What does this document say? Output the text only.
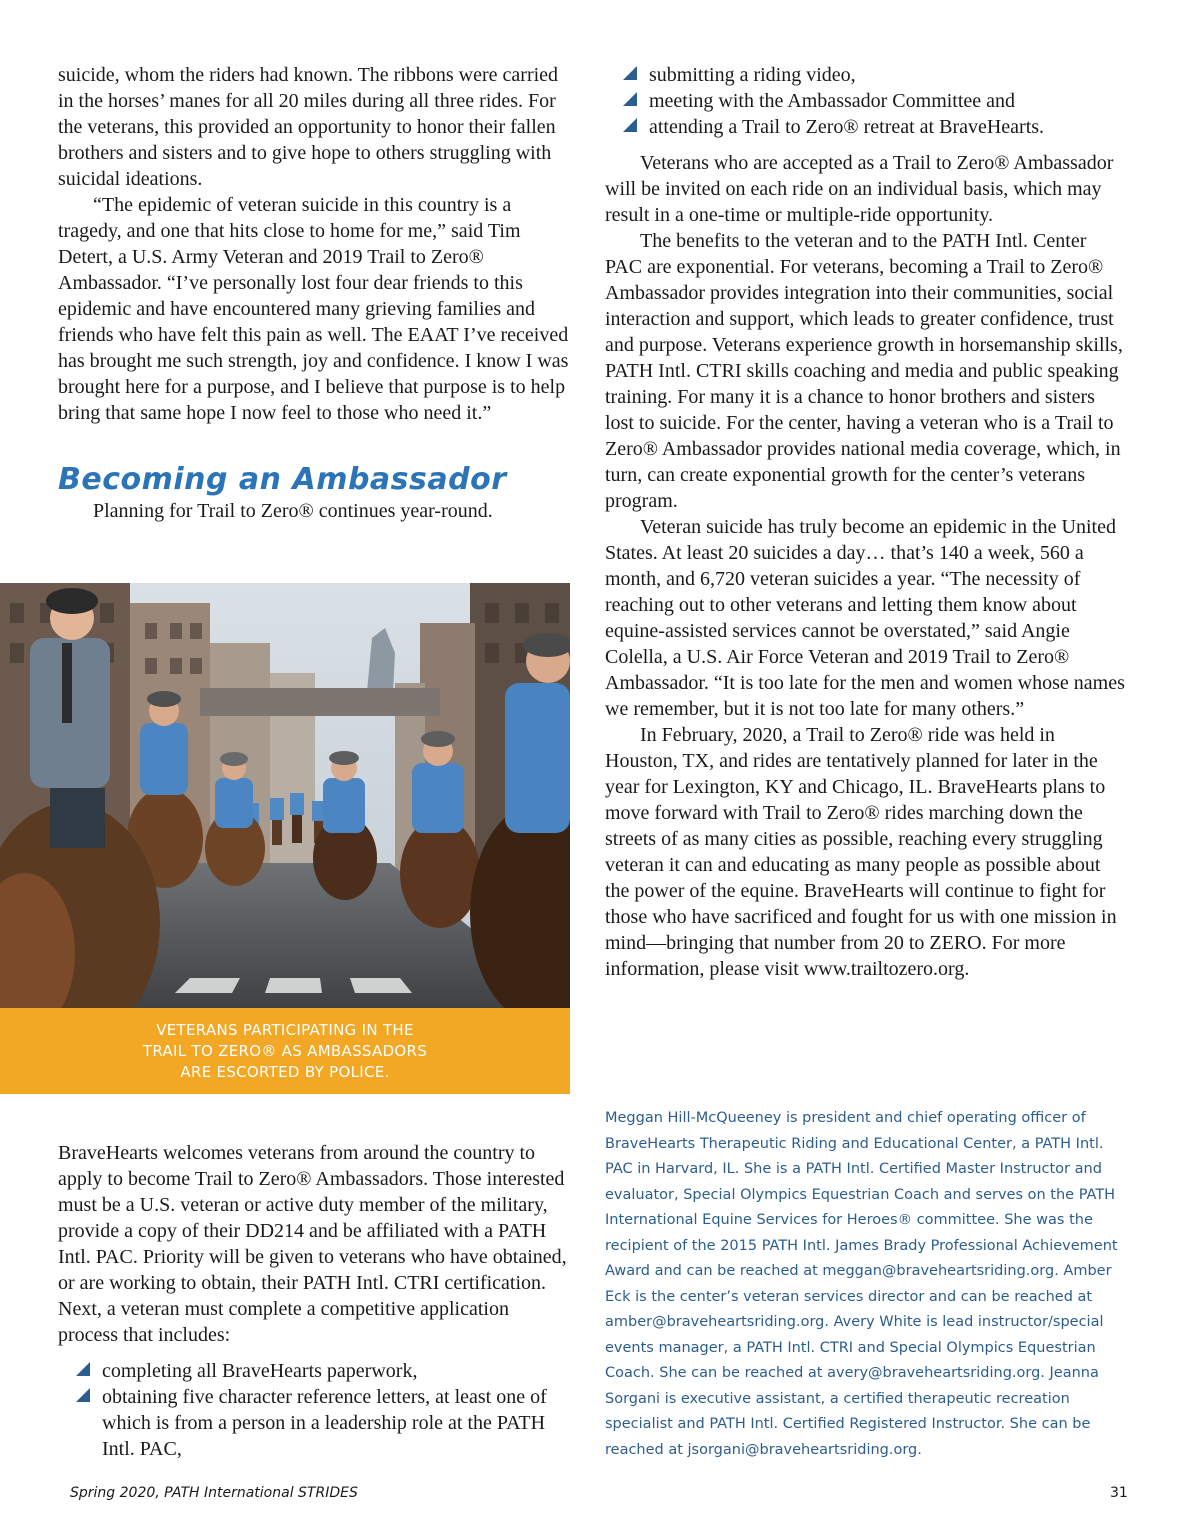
suicide, whom the riders had known. The ribbons were carried in the horses’ manes for all 20 miles during all three rides. For the veterans, this provided an opportunity to honor their fallen brothers and sisters and to give hope to others struggling with suicidal ideations.

“The epidemic of veteran suicide in this country is a tragedy, and one that hits close to home for me,” said Tim Detert, a U.S. Army Veteran and 2019 Trail to Zero® Ambassador. “I’ve personally lost four dear friends to this epidemic and have encountered many grieving families and friends who have felt this pain as well. The EAAT I’ve received has brought me such strength, joy and confidence. I know I was brought here for a purpose, and I believe that purpose is to help bring that same hope I now feel to those who need it.”

Becoming an Ambassador

Planning for Trail to Zero® continues year-round.

VETERANS PARTICIPATING IN THE
TRAIL TO ZERO® AS AMBASSADORS
ARE ESCORTED BY POLICE.

BraveHearts welcomes veterans from around the country to apply to become Trail to Zero® Ambassadors. Those interested must be a U.S. veteran or active duty member of the military, provide a copy of their DD214 and be affiliated with a PATH Intl. PAC. Priority will be given to veterans who have obtained, or are working to obtain, their PATH Intl. CTRI certification. Next, a veteran must complete a competitive application process that includes:

completing all BraveHearts paperwork,
obtaining five character reference letters, at least one of which is from a person in a leadership role at the PATH Intl. PAC,
submitting a riding video,
meeting with the Ambassador Committee and
attending a Trail to Zero® retreat at BraveHearts.

Veterans who are accepted as a Trail to Zero® Ambassador will be invited on each ride on an individual basis, which may result in a one-time or multiple-ride opportunity.

The benefits to the veteran and to the PATH Intl. Center PAC are exponential. For veterans, becoming a Trail to Zero® Ambassador provides integration into their communities, social interaction and support, which leads to greater confidence, trust and purpose. Veterans experience growth in horsemanship skills, PATH Intl. CTRI skills coaching and media and public speaking training. For many it is a chance to honor brothers and sisters lost to suicide. For the center, having a veteran who is a Trail to Zero® Ambassador provides national media coverage, which, in turn, can create exponential growth for the center’s veterans program.

Veteran suicide has truly become an epidemic in the United States. At least 20 suicides a day… that’s 140 a week, 560 a month, and 6,720 veteran suicides a year. “The necessity of reaching out to other veterans and letting them know about equine-assisted services cannot be overstated,” said Angie Colella, a U.S. Air Force Veteran and 2019 Trail to Zero® Ambassador. “It is too late for the men and women whose names we remember, but it is not too late for many others.”

In February, 2020, a Trail to Zero® ride was held in Houston, TX, and rides are tentatively planned for later in the year for Lexington, KY and Chicago, IL. BraveHearts plans to move forward with Trail to Zero® rides marching down the streets of as many cities as possible, reaching every struggling veteran it can and educating as many people as possible about the power of the equine. BraveHearts will continue to fight for those who have sacrificed and fought for us with one mission in mind—bringing that number from 20 to ZERO. For more information, please visit www.trailtozero.org.

Meggan Hill-McQueeney is president and chief operating officer of BraveHearts Therapeutic Riding and Educational Center, a PATH Intl. PAC in Harvard, IL. She is a PATH Intl. Certified Master Instructor and evaluator, Special Olympics Equestrian Coach and serves on the PATH International Equine Services for Heroes® committee. She was the recipient of the 2015 PATH Intl. James Brady Professional Achievement Award and can be reached at meggan@braveheartsriding.org. Amber Eck is the center’s veteran services director and can be reached at amber@braveheartsriding.org. Avery White is lead instructor/special events manager, a PATH Intl. CTRI and Special Olympics Equestrian Coach. She can be reached at avery@braveheartsriding.org. Jeanna Sorgani is executive assistant, a certified therapeutic recreation specialist and PATH Intl. Certified Registered Instructor. She can be reached at jsorgani@braveheartsriding.org.
Spring 2020, PATH International STRIDES	31
